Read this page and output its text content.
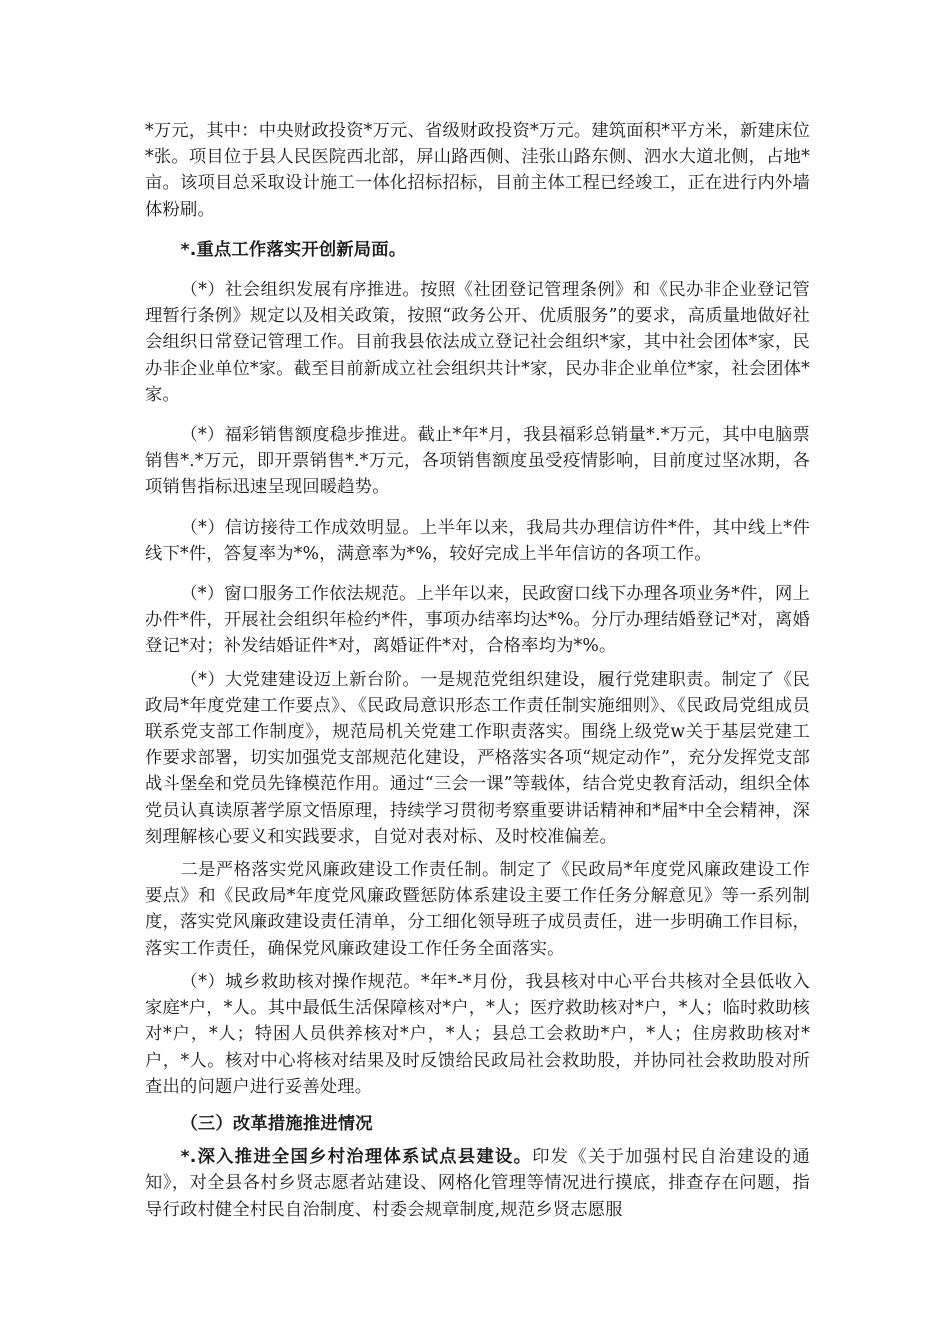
*万元，其中：中央财政投资*万元、省级财政投资*万元。建筑面积*平方米，新建床位*张。项目位于县人民医院西北部，屏山路西侧、洼张山路东侧、泗水大道北侧，占地*亩。该项目总采取设计施工一体化招标招标，目前主体工程已经竣工，正在进行内外墙体粉刷。

*.重点工作落实开创新局面。

（*）社会组织发展有序推进。按照《社团登记管理条例》和《民办非企业登记管理暂行条例》规定以及相关政策，按照“政务公开、优质服务”的要求，高质量地做好社会组织日常登记管理工作。目前我县依法成立登记社会组织*家，其中社会团体*家，民办非企业单位*家。截至目前新成立社会组织共计*家，民办非企业单位*家，社会团体*家。

（*）福彩销售额度稳步推进。截止*年*月，我县福彩总销量*.*万元，其中电脑票销售*.*万元，即开票销售*.*万元，各项销售额度虽受疫情影响，目前度过坚冰期，各项销售指标迅速呈现回暖趋势。

（*）信访接待工作成效明显。上半年以来，我局共办理信访件*件，其中线上*件线下*件，答复率为*%，满意率为*%，较好完成上半年信访的各项工作。

（*）窗口服务工作依法规范。上半年以来，民政窗口线下办理各项业务*件，网上办件*件，开展社会组织年检约*件，事项办结率均达*%。分厅办理结婚登记*对，离婚登记*对；补发结婚证件*对，离婚证件*对，合格率均为*%。

（*）大党建建设迈上新台阶。一是规范党组织建设，履行党建职责。制定了《民政局*年度党建工作要点》、《民政局意识形态工作责任制实施细则》、《民政局党组成员联系党支部工作制度》，规范局机关党建工作职责落实。围绕上级党w关于基层党建工作要求部署，切实加强党支部规范化建设，严格落实各项“规定动作”，充分发挥党支部战斗堡垒和党员先锋模范作用。通过“三会一课”等载体，结合党史教育活动，组织全体党员认真读原著学原文悟原理，持续学习贯彻考察重要讲话精神和*届*中全会精神，深刻理解核心要义和实践要求，自觉对表对标、及时校准偏差。

二是严格落实党风廉政建设工作责任制。制定了《民政局*年度党风廉政建设工作要点》和《民政局*年度党风廉政暨惩防体系建设主要工作任务分解意见》等一系列制度，落实党风廉政建设责任清单，分工细化领导班子成员责任，进一步明确工作目标，落实工作责任，确保党风廉政建设工作任务全面落实。

（*）城乡救助核对操作规范。*年*-*月份，我县核对中心平台共核对全县低收入家庭*户，*人。其中最低生活保障核对*户，*人；医疗救助核对*户，*人；临时救助核对*户，*人；特困人员供养核对*户，*人；县总工会救助*户，*人；住房救助核对*户，*人。核对中心将核对结果及时反馈给民政局社会救助股，并协同社会救助股对所查出的问题户进行妥善处理。

（三）改革措施推进情况

*.深入推进全国乡村治理体系试点县建设。印发《关于加强村民自治建设的通知》，对全县各村乡贤志愿者站建设、网格化管理等情况进行摸底，排查存在问题，指导行政村健全村民自治制度、村委会规章制度,规范乡贤志愿服
